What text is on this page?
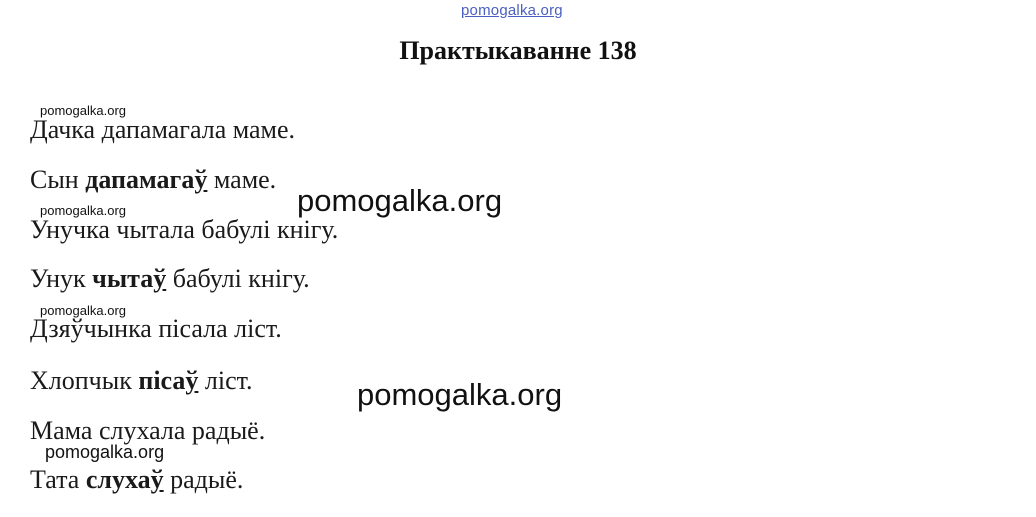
pomogalka.org
Практыкаванне 138
pomogalka.org
Дачка дапамагала маме.
Сын дапамагаў маме.
pomogalka.org
pomogalka.org
Унучка чытала бабулі кнігу.
Унук чытаў бабулі кнігу.
pomogalka.org
Дзяўчынка пісала ліст.
Хлопчык пісаў ліст.	pomogalka.org
Мама слухала радыё.
pomogalka.org
Тата слухаў радыё.
